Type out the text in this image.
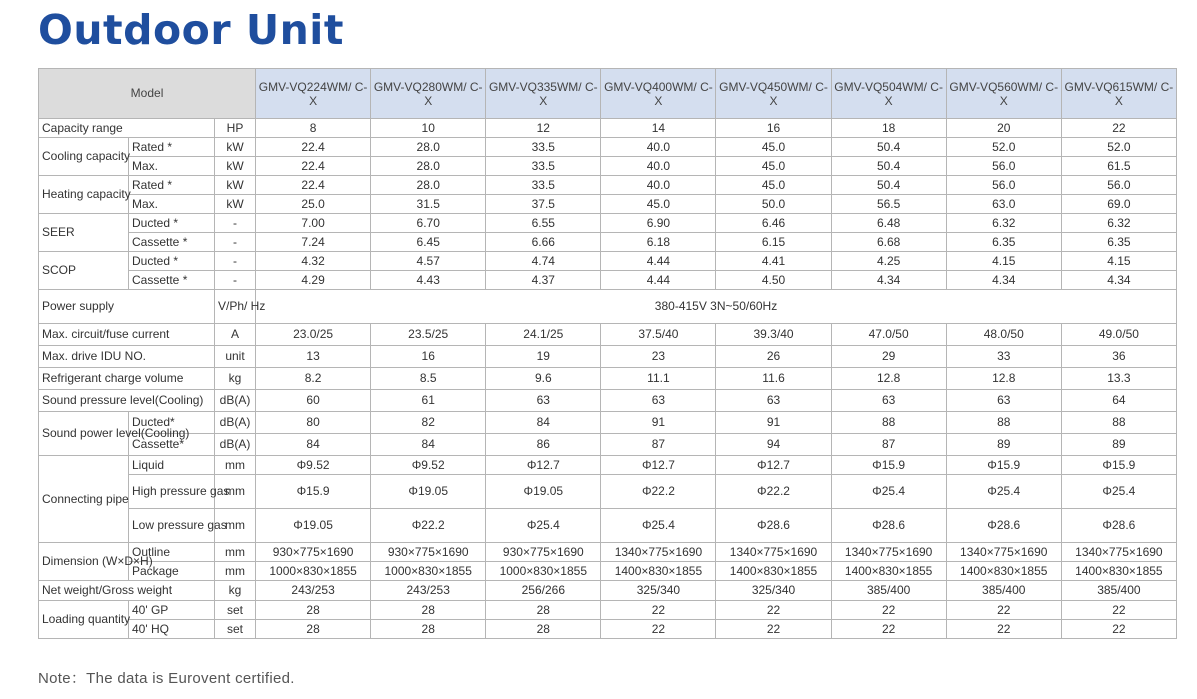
Outdoor Unit
Model			GMV-VQ224WM/ C-X	GMV-VQ280WM/ C-X	GMV-VQ335WM/ C-X	GMV-VQ400WM/ C-X	GMV-VQ450WM/ C-X	GMV-VQ504WM/ C-X	GMV-VQ560WM/ C-X	GMV-VQ615WM/ C-X
Capacity range		HP	8	10	12	14	16	18	20	22
Cooling capacity	Rated *	kW	22.4	28.0	33.5	40.0	45.0	50.4	52.0	52.0
	Max.	kW	22.4	28.0	33.5	40.0	45.0	50.4	56.0	61.5
Heating capacity	Rated *	kW	22.4	28.0	33.5	40.0	45.0	50.4	56.0	56.0
	Max.	kW	25.0	31.5	37.5	45.0	50.0	56.5	63.0	69.0
SEER	Ducted *	-	7.00	6.70	6.55	6.90	6.46	6.48	6.32	6.32
	Cassette *	-	7.24	6.45	6.66	6.18	6.15	6.68	6.35	6.35
SCOP	Ducted *	-	4.32	4.57	4.74	4.44	4.41	4.25	4.15	4.15
	Cassette *	-	4.29	4.43	4.37	4.44	4.50	4.34	4.34	4.34
Power supply		V/Ph/ Hz	380-415V 3N~50/60Hz							
Max. circuit/fuse current		A	23.0/25	23.5/25	24.1/25	37.5/40	39.3/40	47.0/50	48.0/50	49.0/50
Max. drive IDU NO.		unit	13	16	19	23	26	29	33	36
Refrigerant charge volume		kg	8.2	8.5	9.6	11.1	11.6	12.8	12.8	13.3
Sound pressure level(Cooling)		dB(A)	60	61	63	63	63	63	63	64
Sound power level(Cooling)	Ducted*	dB(A)	80	82	84	91	91	88	88	88
	Cassette*	dB(A)	84	84	86	87	94	87	89	89
Connecting pipe	Liquid	mm	Φ9.52	Φ9.52	Φ12.7	Φ12.7	Φ12.7	Φ15.9	Φ15.9	Φ15.9
	High pressure gas	mm	Φ15.9	Φ19.05	Φ19.05	Φ22.2	Φ22.2	Φ25.4	Φ25.4	Φ25.4
	Low pressure gas	mm	Φ19.05	Φ22.2	Φ25.4	Φ25.4	Φ28.6	Φ28.6	Φ28.6	Φ28.6
Dimension (W×D×H)	Outline	mm	930×775×1690	930×775×1690	930×775×1690	1340×775×1690	1340×775×1690	1340×775×1690	1340×775×1690	1340×775×1690
	Package	mm	1000×830×1855	1000×830×1855	1000×830×1855	1400×830×1855	1400×830×1855	1400×830×1855	1400×830×1855	1400×830×1855
Net weight/Gross weight		kg	243/253	243/253	256/266	325/340	325/340	385/400	385/400	385/400
Loading quantity	40' GP	set	28	28	28	22	22	22	22	22
	40' HQ	set	28	28	28	22	22	22	22	22
Note：The data is Eurovent certified.
